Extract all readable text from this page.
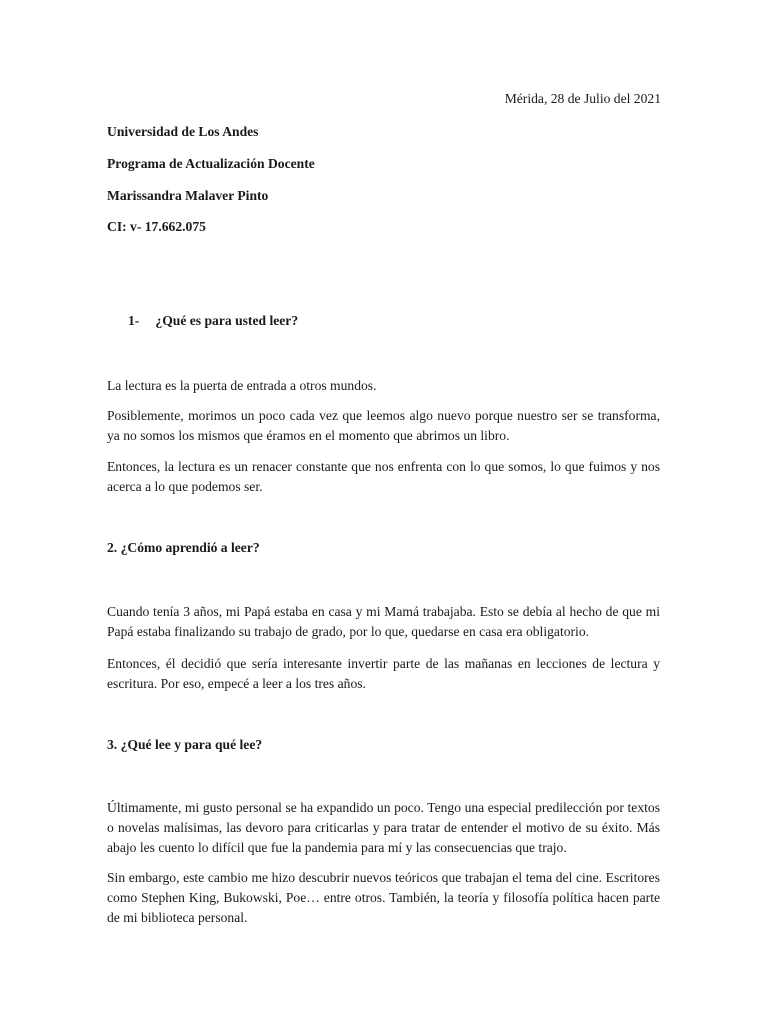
Mérida, 28 de Julio del 2021
Universidad de Los Andes
Programa de Actualización Docente
Marissandra Malaver Pinto
CI: v- 17.662.075
1- ¿Qué es para usted leer?
La lectura es la puerta de entrada a otros mundos.
Posiblemente, morimos un poco cada vez que leemos algo nuevo porque nuestro ser se transforma, ya no somos los mismos que éramos en el momento que abrimos un libro.
Entonces, la lectura es un renacer constante que nos enfrenta con lo que somos, lo que fuimos y nos acerca a lo que podemos ser.
2. ¿Cómo aprendió a leer?
Cuando tenía 3 años, mi Papá estaba en casa y mi Mamá trabajaba. Esto se debía al hecho de que mi Papá estaba finalizando su trabajo de grado, por lo que, quedarse en casa era obligatorio.
Entonces, él decidió que sería interesante invertir parte de las mañanas en lecciones de lectura y escritura. Por eso, empecé a leer a los tres años.
3. ¿Qué lee y para qué lee?
Últimamente, mi gusto personal se ha expandido un poco. Tengo una especial predilección por textos o novelas malísimas, las devoro para criticarlas y para tratar de entender el motivo de su éxito. Más abajo les cuento lo difícil que fue la pandemia para mí y las consecuencias que trajo.
Sin embargo, este cambio me hizo descubrir nuevos teóricos que trabajan el tema del cine. Escritores como Stephen King, Bukowski, Poe… entre otros. También, la teoría y filosofía política hacen parte de mi biblioteca personal.
